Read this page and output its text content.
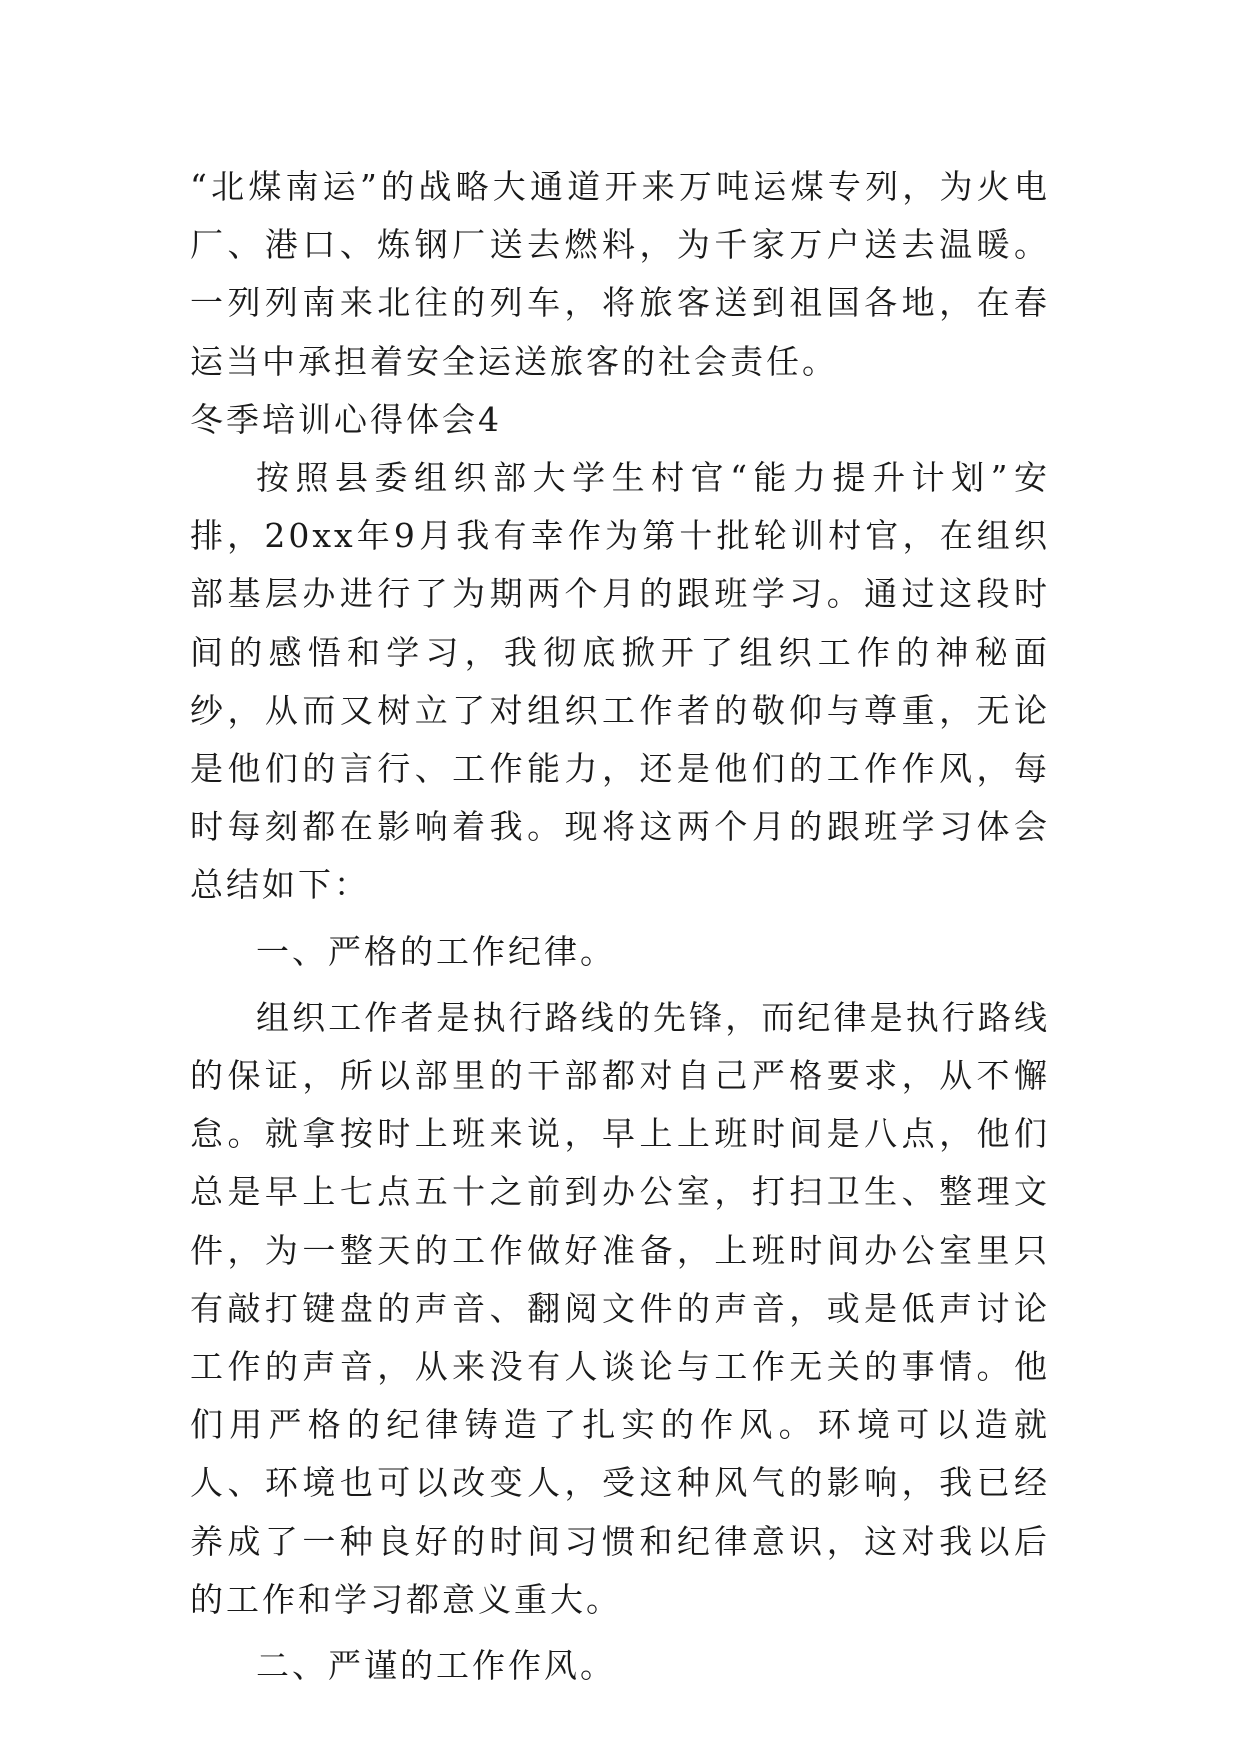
“北煤南运”的战略大通道开来万吨运煤专列，为火电厂、港口、炼钢厂送去燃料，为千家万户送去温暖。一列列南来北往的列车，将旅客送到祖国各地，在春运当中承担着安全运送旅客的社会责任。

冬季培训心得体会4

按照县委组织部大学生村官“能力提升计划”安排，20xx年9月我有幸作为第十批轮训村官，在组织部基层办进行了为期两个月的跟班学习。通过这段时间的感悟和学习，我彻底掀开了组织工作的神秘面纱，从而又树立了对组织工作者的敬仰与尊重，无论是他们的言行、工作能力，还是他们的工作作风，每时每刻都在影响着我。现将这两个月的跟班学习体会总结如下：

一、严格的工作纪律。

组织工作者是执行路线的先锋，而纪律是执行路线的保证，所以部里的干部都对自己严格要求，从不懈怠。就拿按时上班来说，早上上班时间是八点，他们总是早上七点五十之前到办公室，打扫卫生、整理文件，为一整天的工作做好准备，上班时间办公室里只有敲打键盘的声音、翻阅文件的声音，或是低声讨论工作的声音，从来没有人谈论与工作无关的事情。他们用严格的纪律铸造了扎实的作风。环境可以造就人、环境也可以改变人，受这种风气的影响，我已经养成了一种良好的时间习惯和纪律意识，这对我以后的工作和学习都意义重大。

二、严谨的工作作风。
